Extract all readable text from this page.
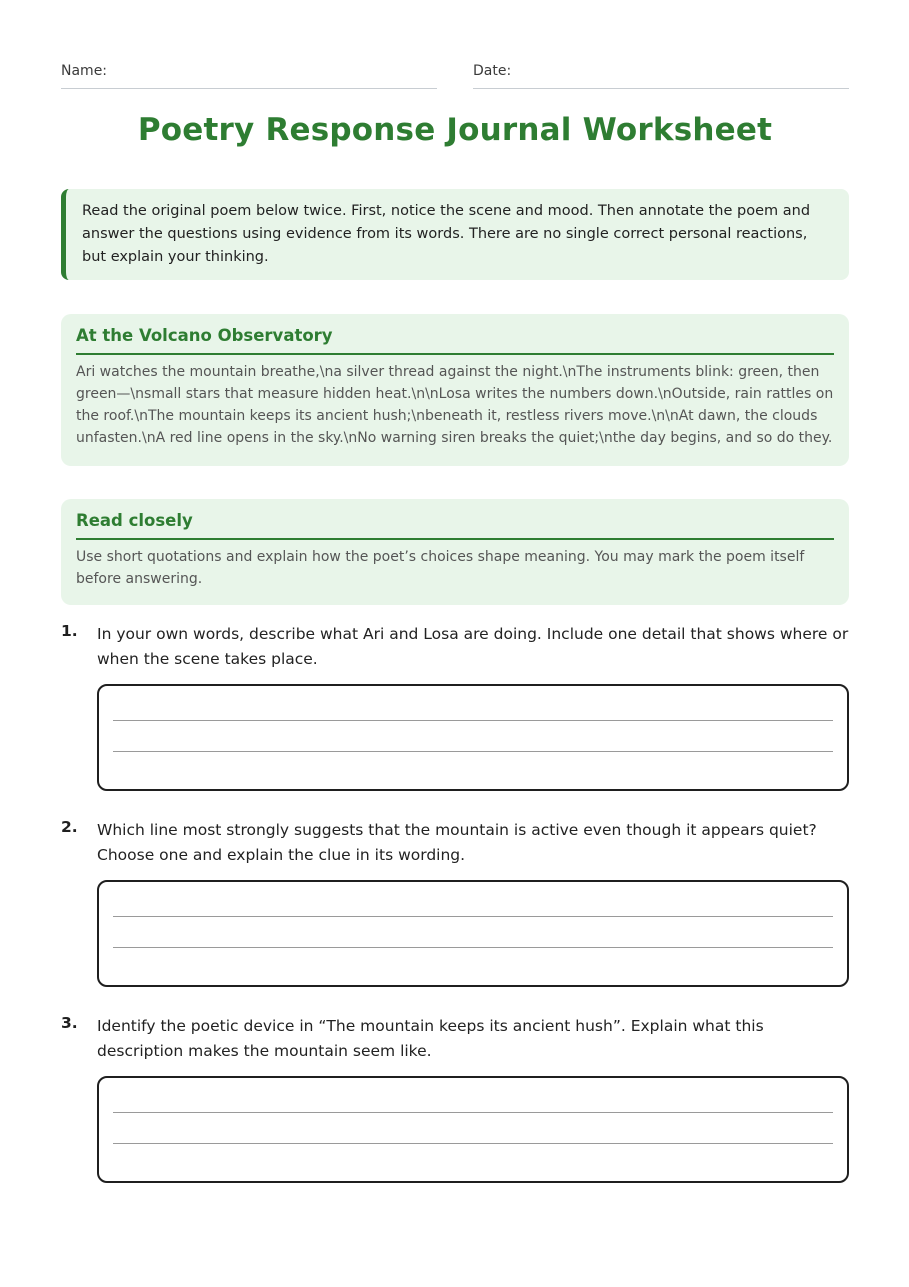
Name:	Date:
Poetry Response Journal Worksheet
Read the original poem below twice. First, notice the scene and mood. Then annotate the poem and answer the questions using evidence from its words. There are no single correct personal reactions, but explain your thinking.
At the Volcano Observatory
Ari watches the mountain breathe,\na silver thread against the night.\nThe instruments blink: green, then green—\nsmall stars that measure hidden heat.\n\nLosa writes the numbers down.\nOutside, rain rattles on the roof.\nThe mountain keeps its ancient hush;\nbeneath it, restless rivers move.\n\nAt dawn, the clouds unfasten.\nA red line opens in the sky.\nNo warning siren breaks the quiet;\nthe day begins, and so do they.
Read closely
Use short quotations and explain how the poet’s choices shape meaning. You may mark the poem itself before answering.
1. In your own words, describe what Ari and Losa are doing. Include one detail that shows where or when the scene takes place.
2. Which line most strongly suggests that the mountain is active even though it appears quiet? Choose one and explain the clue in its wording.
3. Identify the poetic device in “The mountain keeps its ancient hush”. Explain what this description makes the mountain seem like.
